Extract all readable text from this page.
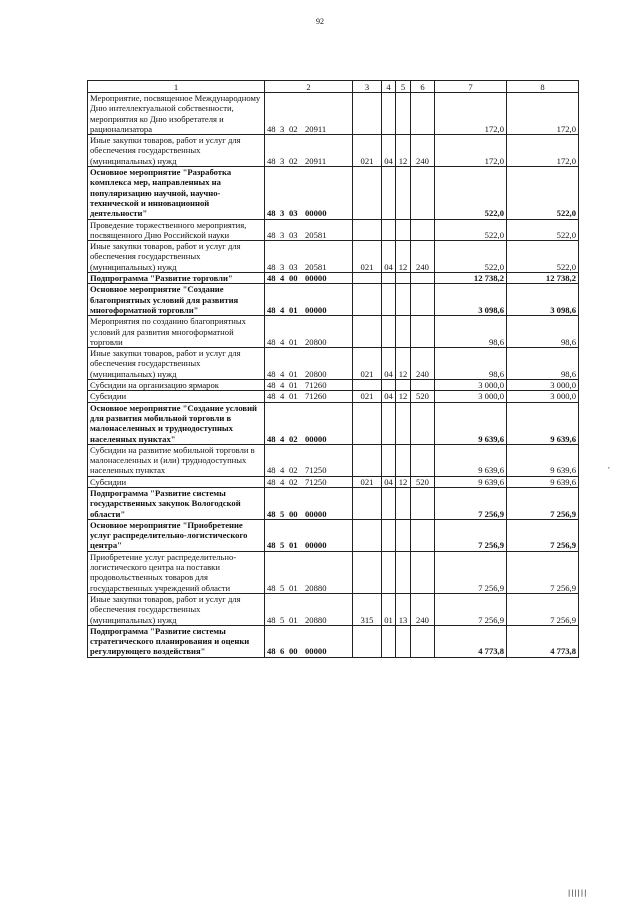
92
1	2	3	4	5	6	7	8
Мероприятие, посвященное Международному Дню интеллектуальной собственности, мероприятия ко Дню изобретателя и рационализатора	48 3 02 20911					172,0	172,0
Иные закупки товаров, работ и услуг для обеспечения государственных (муниципальных) нужд	48 3 02 20911	021	04	12	240	172,0	172,0
Основное мероприятие "Разработка комплекса мер, направленных на популяризацию научной, научно-технической и инновационной деятельности"	48 3 03 00000					522,0	522,0
Проведение торжественного мероприятия, посвященного Дню Российской науки	48 3 03 20581					522,0	522,0
Иные закупки товаров, работ и услуг для обеспечения государственных (муниципальных) нужд	48 3 03 20581	021	04	12	240	522,0	522,0
Подпрограмма "Развитие торговли"	48 4 00 00000					12 738,2	12 738,2
Основное мероприятие "Создание благоприятных условий для развития многоформатной торговли"	48 4 01 00000					3 098,6	3 098,6
Мероприятия по созданию благоприятных условий для развития многоформатной торговли	48 4 01 20800					98,6	98,6
Иные закупки товаров, работ и услуг для обеспечения государственных (муниципальных) нужд	48 4 01 20800	021	04	12	240	98,6	98,6
Субсидии на организацию ярмарок	48 4 01 71260					3 000,0	3 000,0
Субсидии	48 4 01 71260	021	04	12	520	3 000,0	3 000,0
Основное мероприятие "Создание условий для развития мобильной торговли в малонаселенных и труднодоступных населенных пунктах"	48 4 02 00000					9 639,6	9 639,6
Субсидии на развитие мобильной торговли в малонаселенных и (или) труднодоступных населенных пунктах	48 4 02 71250					9 639,6	9 639,6
Субсидии	48 4 02 71250	021	04	12	520	9 639,6	9 639,6
Подпрограмма "Развитие системы государственных закупок Вологодской области"	48 5 00 00000					7 256,9	7 256,9
Основное мероприятие "Приобретение услуг распределительно-логистического центра"	48 5 01 00000					7 256,9	7 256,9
Приобретение услуг распределительно-логистического центра на поставки продовольственных товаров для государственных учреждений области	48 5 01 20880					7 256,9	7 256,9
Иные закупки товаров, работ и услуг для обеспечения государственных (муниципальных) нужд	48 5 01 20880	315	01	13	240	7 256,9	7 256,9
Подпрограмма "Развитие системы стратегического планирования и оценки регулирующего воздействия"	48 6 00 00000					4 773,8	4 773,8
,
||||||
